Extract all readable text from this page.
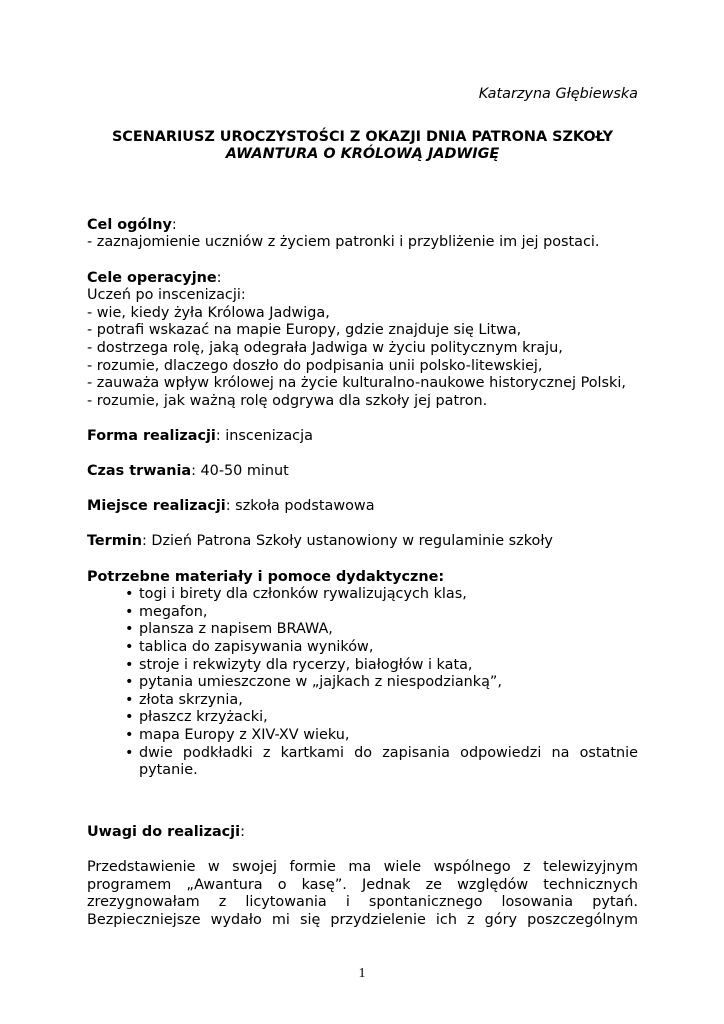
Katarzyna Głębiewska

SCENARIUSZ UROCZYSTOŚCI Z OKAZJI DNIA PATRONA SZKOŁY

AWANTURA O KRÓLOWĄ JADWIGĘ

Cel ogólny:
- zaznajomienie uczniów z życiem patronki i przybliżenie im jej postaci.
Cele operacyjne:
Uczeń po inscenizacji:
- wie, kiedy żyła Królowa Jadwiga,
- potrafi wskazać na mapie Europy, gdzie znajduje się Litwa,
- dostrzega rolę, jaką odegrała Jadwiga w życiu politycznym kraju,
- rozumie, dlaczego doszło do podpisania unii polsko-litewskiej,
- zauważa wpływ królowej na życie kulturalno-naukowe historycznej Polski,
- rozumie, jak ważną rolę odgrywa dla szkoły jej patron.
Forma realizacji: inscenizacja
Czas trwania: 40-50 minut
Miejsce realizacji: szkoła podstawowa
Termin: Dzień Patrona Szkoły ustanowiony w regulaminie szkoły
Potrzebne materiały i pomoce dydaktyczne:
• togi i birety dla członków rywalizujących klas,
• megafon,
• plansza z napisem BRAWA,
• tablica do zapisywania wyników,
• stroje i rekwizyty dla rycerzy, białogłów i kata,
• pytania umieszczone w „jajkach z niespodzianką”,
• złota skrzynia,
• płaszcz krzyżacki,
• mapa Europy z XIV-XV wieku,
• dwie podkładki z kartkami do zapisania odpowiedzi na ostatnie pytanie.
Uwagi do realizacji:
Przedstawienie w swojej formie ma wiele wspólnego z telewizyjnym programem „Awantura o kasę”. Jednak ze względów technicznych zrezygnowałam z licytowania i spontanicznego losowania pytań. Bezpieczniejsze wydało mi się przydzielenie ich z góry poszczególnym
1
